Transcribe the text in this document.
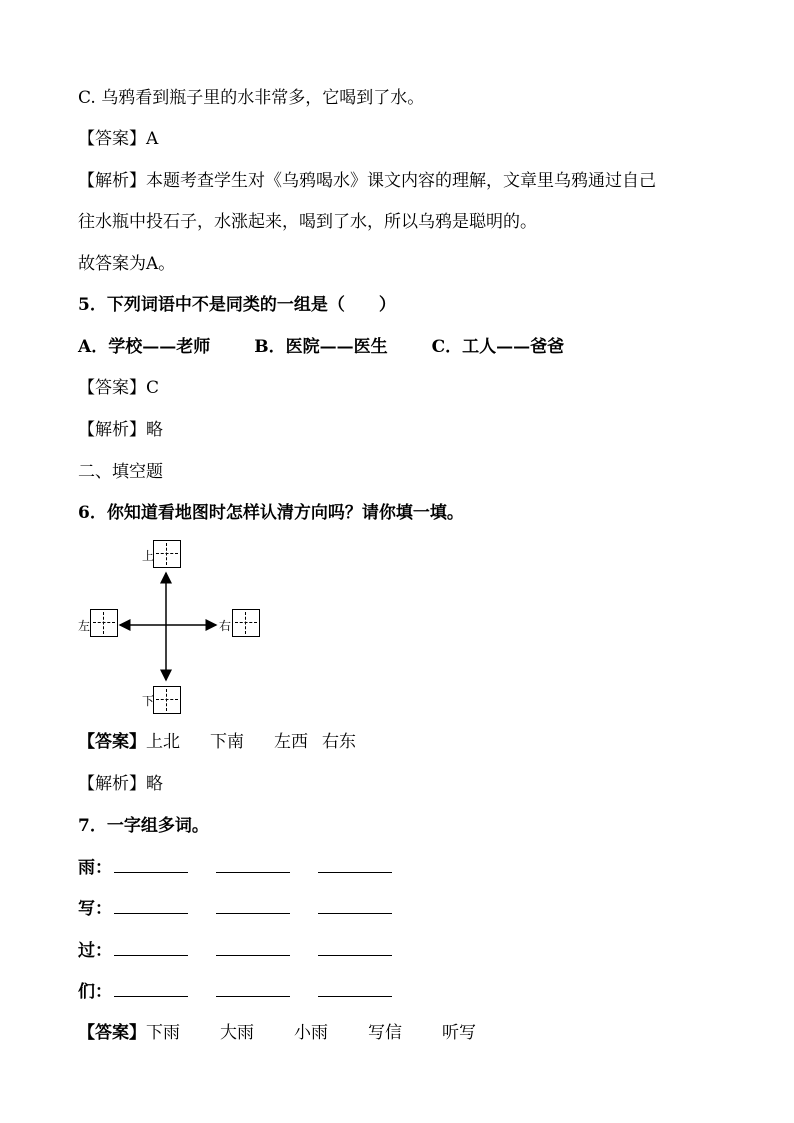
C. 乌鸦看到瓶子里的水非常多，它喝到了水。
【答案】A
【解析】本题考查学生对《乌鸦喝水》课文内容的理解，文章里乌鸦通过自己
往水瓶中投石子，水涨起来，喝到了水，所以乌鸦是聪明的。
故答案为A。
5．下列词语中不是同类的一组是（　　）
A．学校——老师	B．医院——医生	C．工人——爸爸
【答案】C
【解析】略
二、填空题
6．你知道看地图时怎样认清方向吗？请你填一填。
上
左	右
下
【答案】上北 下南 左西 右东
【解析】略
7．一字组多词。
雨：
写：
过：
们：
【答案】下雨 大雨 小雨 写信 听写
